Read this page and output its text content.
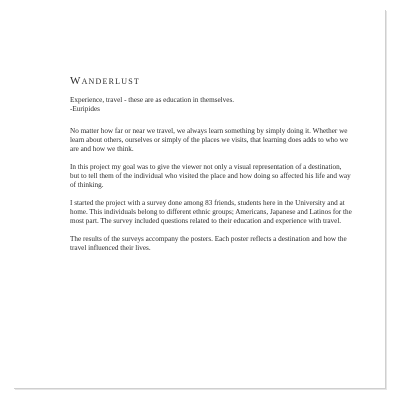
Wanderlust

Experience, travel - these are as education in themselves.

-Euripides

No matter how far or near we travel, we always learn something by simply doing it. Whether we learn about others, ourselves or simply of the places we visits, that learning does adds to who we are and how we think.

In this project my goal was to give the viewer not only a visual representation of a destination, but to tell them of the individual who visited the place and how doing so affected his life and way of thinking.

I started the project with a survey done among 83 friends, students here in the University and at home. This individuals belong to different ethnic groups; Americans, Japanese and Latinos for the most part. The survey included questions related to their education and experience with travel.

The results of the surveys accompany the posters. Each poster reflects a destination and how the travel influenced their lives.
